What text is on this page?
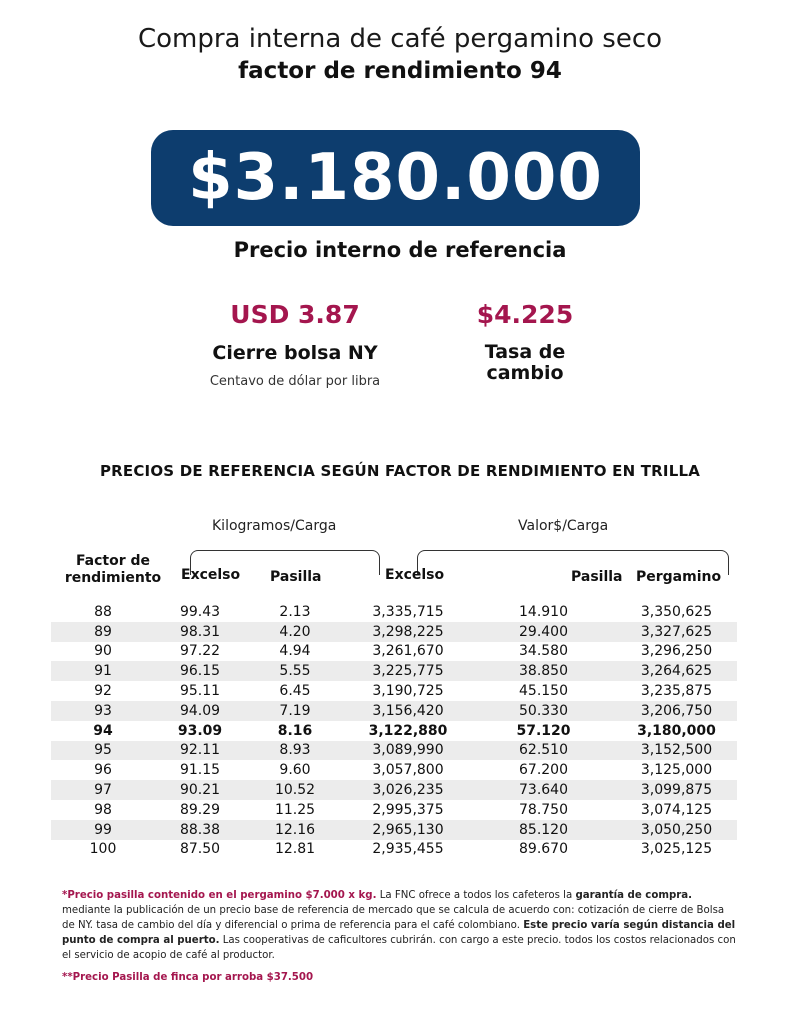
Compra interna de café pergamino seco
factor de rendimiento 94
$3.180.000
Precio interno de referencia
USD 3.87
Cierre bolsa NY
Centavo de dólar por libra
$4.225
Tasa de
cambio
PRECIOS DE REFERENCIA SEGÚN FACTOR DE RENDIMIENTO EN TRILLA
Kilogramos/Carga	Valor$/Carga
Factor de
rendimiento	Excelso Pasilla	Excelso	Pasilla Pergamino
88	99.43	2.13	3,335,715	14.910	3,350,625
89	98.31	4.20	3,298,225	29.400	3,327,625
90	97.22	4.94	3,261,670	34.580	3,296,250
91	96.15	5.55	3,225,775	38.850	3,264,625
92	95.11	6.45	3,190,725	45.150	3,235,875
93	94.09	7.19	3,156,420	50.330	3,206,750
94	93.09	8.16	3,122,880	57.120	3,180,000
95	92.11	8.93	3,089,990	62.510	3,152,500
96	91.15	9.60	3,057,800	67.200	3,125,000
97	90.21	10.52	3,026,235	73.640	3,099,875
98	89.29	11.25	2,995,375	78.750	3,074,125
99	88.38	12.16	2,965,130	85.120	3,050,250
100	87.50	12.81	2,935,455	89.670	3,025,125
*Precio pasilla contenido en el pergamino $7.000 x kg. La FNC ofrece a todos los cafeteros la garantía de compra. mediante la publicación de un precio base de referencia de mercado que se calcula de acuerdo con: cotización de cierre de Bolsa de NY. tasa de cambio del día y diferencial o prima de referencia para el café colombiano. Este precio varía según distancia del punto de compra al puerto. Las cooperativas de caficultores cubrirán. con cargo a este precio. todos los costos relacionados con el servicio de acopio de café al productor.
**Precio Pasilla de finca por arroba $37.500
